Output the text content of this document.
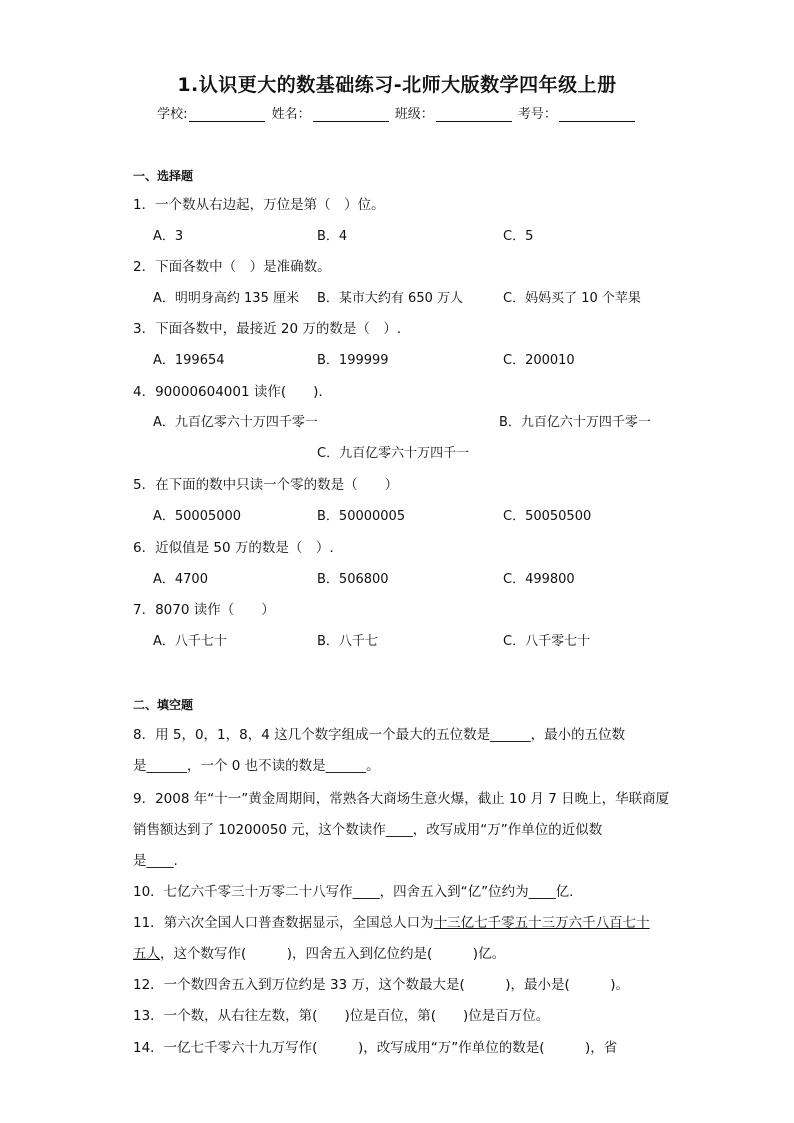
1.认识更大的数基础练习-北师大版数学四年级上册
学校:	姓名：	班级：	考号：
一、选择题
1．一个数从右边起，万位是第（　）位。
A．3	B．4	C．5
2．下面各数中（　）是准确数。
A．明明身高约 135 厘米 B．某市大约有 650 万人	C．妈妈买了 10 个苹果
3．下面各数中，最接近 20 万的数是（　）.
A．199654	B．199999	C．200010
4．90000604001 读作(　　).
A．九百亿零六十万四千零一	B．九百亿六十万四千零一
C．九百亿零六十万四千一
5．在下面的数中只读一个零的数是（　　）
A．50005000	B．50000005	C．50050500
6．近似值是 50 万的数是（　）.
A．4700	B．506800	C．499800
7．8070 读作（　　）
A．八千七十	B．八千七	C．八千零七十
二、填空题
8．用 5，0，1，8，4 这几个数字组成一个最大的五位数是______，最小的五位数
是______，一个 0 也不读的数是______。
9．2008 年“十一”黄金周期间，常熟各大商场生意火爆，截止 10 月 7 日晚上，华联商厦
销售额达到了 10200050 元，这个数读作____，改写成用“万”作单位的近似数
是____.
10．七亿六千零三十万零二十八写作____，四舍五入到“亿”位约为____亿.
11．第六次全国人口普查数据显示，全国总人口为十三亿七千零五十三万六千八百七十
五人，这个数写作(　　　)，四舍五入到亿位约是(　　　)亿。
12．一个数四舍五入到万位约是 33 万，这个数最大是(　　　)，最小是(　　　)。
13．一个数，从右往左数，第(　　)位是百位，第(　　)位是百万位。
14．一亿七千零六十九万写作(　　　)，改写成用“万”作单位的数是(　　　)，省
